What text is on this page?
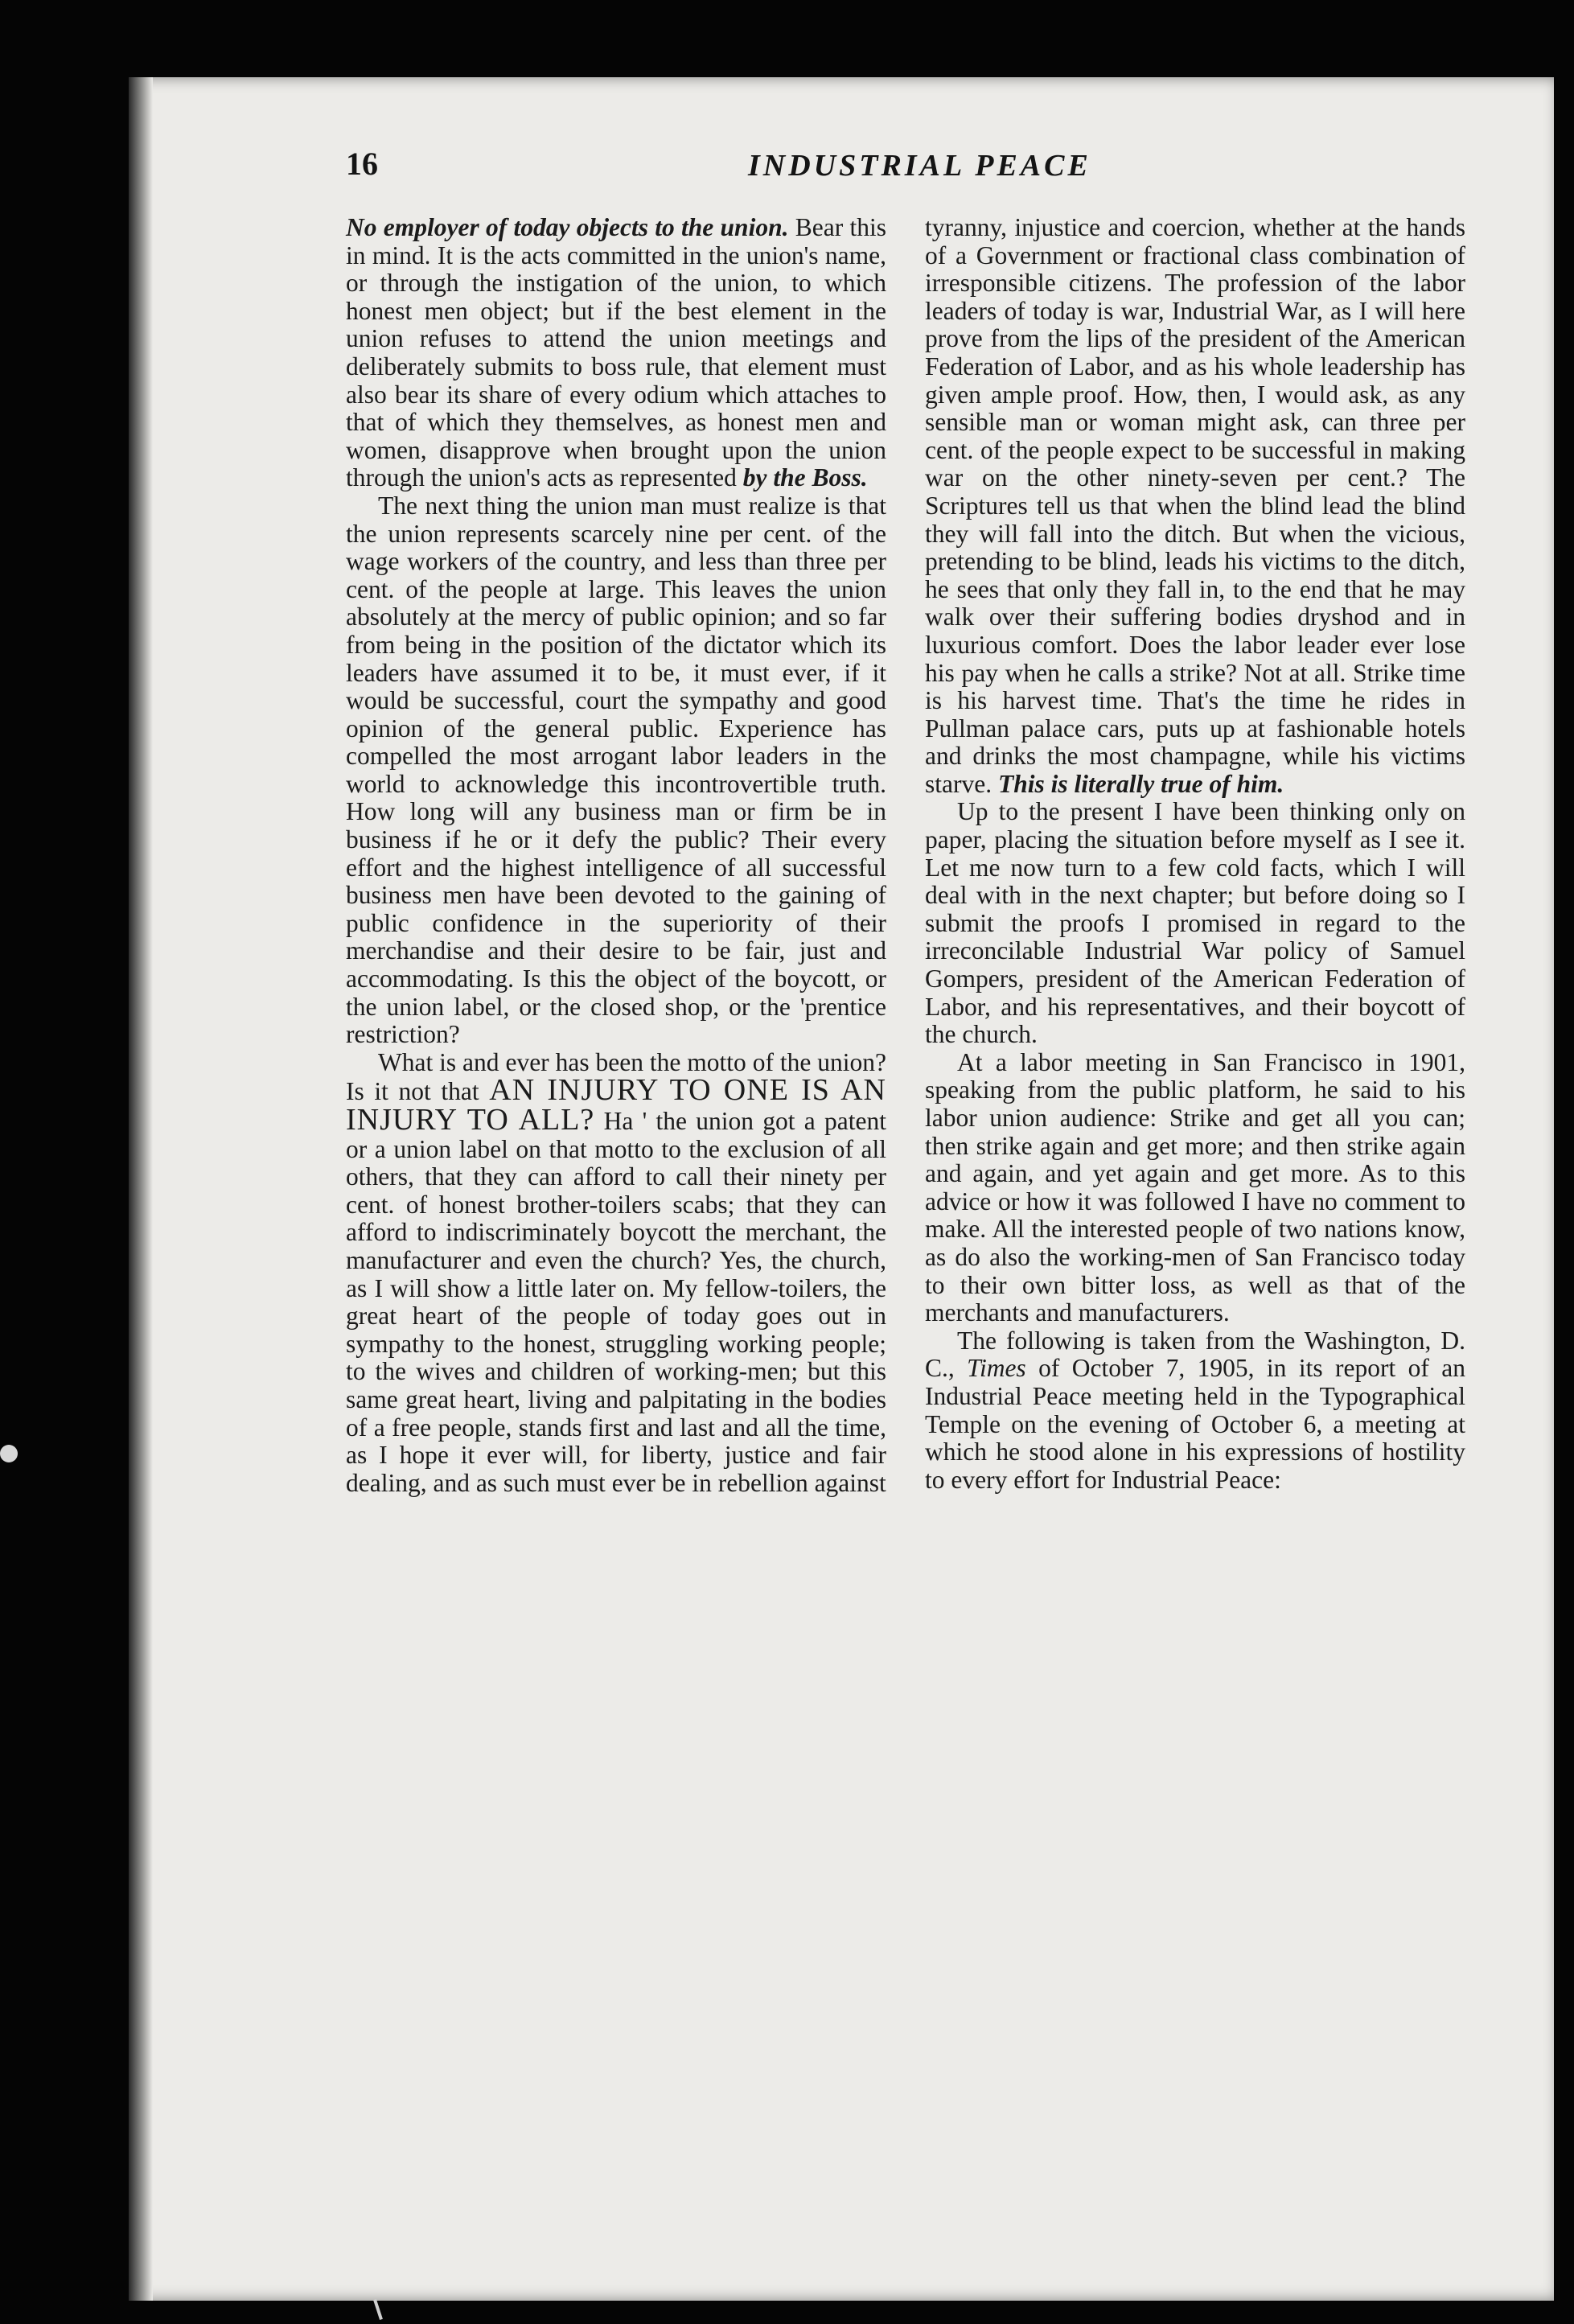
16	INDUSTRIAL PEACE

No employer of today objects to the union. Bear this in mind. It is the acts committed in the union's name, or through the instigation of the union, to which honest men object; but if the best element in the union refuses to attend the union meetings and deliberately submits to boss rule, that element must also bear its share of every odium which attaches to that of which they themselves, as honest men and women, disapprove when brought upon the union through the union's acts as represented by the Boss.

The next thing the union man must realize is that the union represents scarcely nine per cent. of the wage workers of the country, and less than three per cent. of the people at large. This leaves the union absolutely at the mercy of public opinion; and so far from being in the position of the dictator which its leaders have assumed it to be, it must ever, if it would be successful, court the sympathy and good opinion of the general public. Experience has compelled the most arrogant labor leaders in the world to acknowledge this incontrovertible truth. How long will any business man or firm be in business if he or it defy the public? Their every effort and the highest intelligence of all successful business men have been devoted to the gaining of public confidence in the superiority of their merchandise and their desire to be fair, just and accommodating. Is this the object of the boycott, or the union label, or the closed shop, or the 'prentice restriction?

What is and ever has been the motto of the union? Is it not that AN INJURY TO ONE IS AN INJURY TO ALL? Ha ' the union got a patent or a union label on that motto to the exclusion of all others, that they can afford to call their ninety per cent. of honest brother-toilers scabs; that they can afford to indiscriminately boycott the merchant, the manufacturer and even the church? Yes, the church, as I will show a little later on. My fellow-toilers, the great heart of the people of today goes out in sympathy to the honest, struggling working people; to the wives and children of working-men; but this same great heart, living and palpitating in the bodies of a free people, stands first and last and all the time, as I hope it ever will, for liberty, justice and fair dealing, and as such must ever be in rebellion against

tyranny, injustice and coercion, whether at the hands of a Government or fractional class combination of irresponsible citizens. The profession of the labor leaders of today is war, Industrial War, as I will here prove from the lips of the president of the American Federation of Labor, and as his whole leadership has given ample proof. How, then, I would ask, as any sensible man or woman might ask, can three per cent. of the people expect to be successful in making war on the other ninety-seven per cent.? The Scriptures tell us that when the blind lead the blind they will fall into the ditch. But when the vicious, pretending to be blind, leads his victims to the ditch, he sees that only they fall in, to the end that he may walk over their suffering bodies dryshod and in luxurious comfort. Does the labor leader ever lose his pay when he calls a strike? Not at all. Strike time is his harvest time. That's the time he rides in Pullman palace cars, puts up at fashionable hotels and drinks the most champagne, while his victims starve. This is literally true of him.

Up to the present I have been thinking only on paper, placing the situation before myself as I see it. Let me now turn to a few cold facts, which I will deal with in the next chapter; but before doing so I submit the proofs I promised in regard to the irreconcilable Industrial War policy of Samuel Gompers, president of the American Federation of Labor, and his representatives, and their boycott of the church.

At a labor meeting in San Francisco in 1901, speaking from the public platform, he said to his labor union audience: Strike and get all you can; then strike again and get more; and then strike again and again, and yet again and get more. As to this advice or how it was followed I have no comment to make. All the interested people of two nations know, as do also the working-men of San Francisco today to their own bitter loss, as well as that of the merchants and manufacturers.

The following is taken from the Washington, D. C., Times of October 7, 1905, in its report of an Industrial Peace meeting held in the Typographical Temple on the evening of October 6, a meeting at which he stood alone in his expressions of hostility to every effort for Industrial Peace:
